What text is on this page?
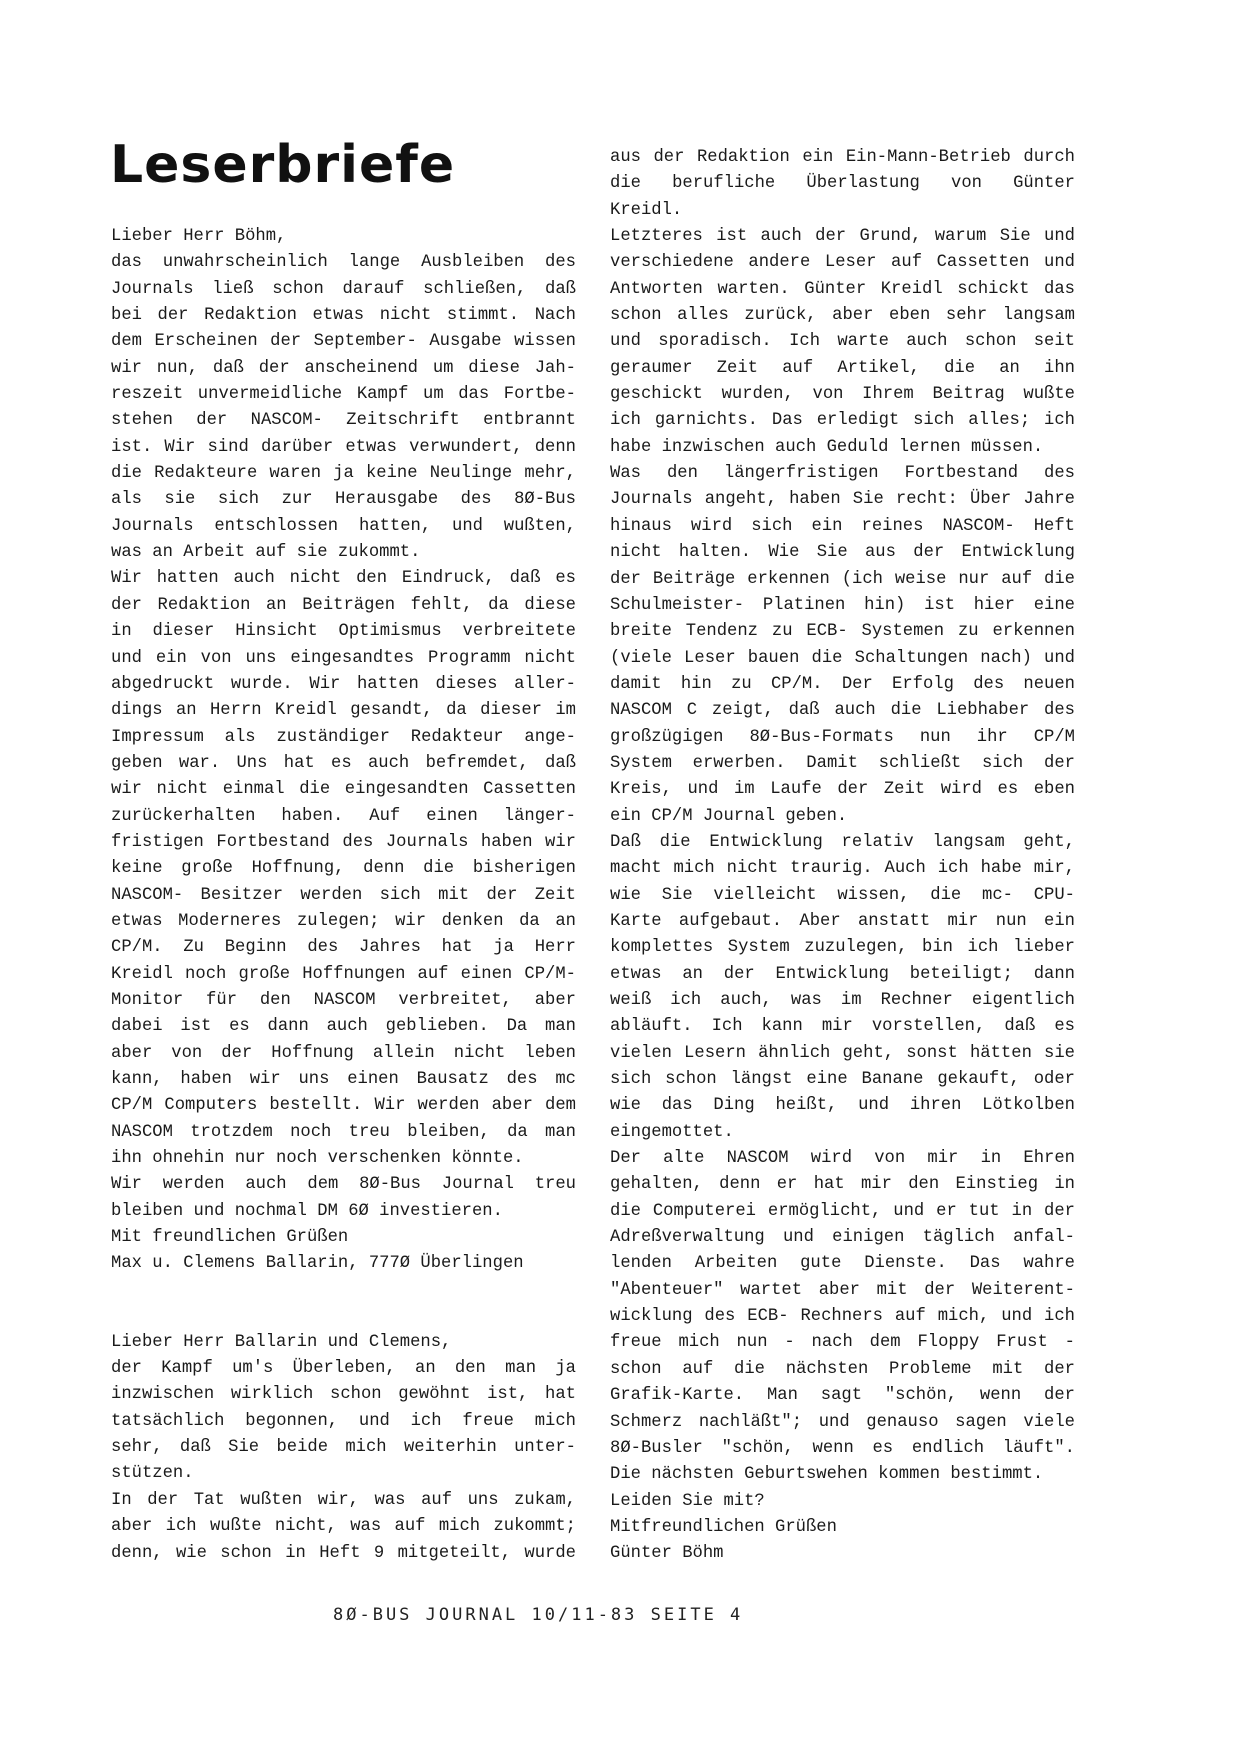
Leserbriefe
Lieber Herr Böhm,
das unwahrscheinlich lange Ausbleiben des
Journals ließ schon darauf schließen, daß
bei der Redaktion etwas nicht stimmt. Nach
dem Erscheinen der September- Ausgabe wissen
wir nun, daß der anscheinend um diese Jah-
reszeit unvermeidliche Kampf um das Fortbe-
stehen der NASCOM- Zeitschrift entbrannt
ist. Wir sind darüber etwas verwundert, denn
die Redakteure waren ja keine Neulinge mehr,
als sie sich zur Herausgabe des 8Ø-Bus
Journals entschlossen hatten, und wußten,
was an Arbeit auf sie zukommt.
Wir hatten auch nicht den Eindruck, daß es
der Redaktion an Beiträgen fehlt, da diese
in dieser Hinsicht Optimismus verbreitete
und ein von uns eingesandtes Programm nicht
abgedruckt wurde. Wir hatten dieses aller-
dings an Herrn Kreidl gesandt, da dieser im
Impressum als zuständiger Redakteur ange-
geben war. Uns hat es auch befremdet, daß
wir nicht einmal die eingesandten Cassetten
zurückerhalten haben. Auf einen länger-
fristigen Fortbestand des Journals haben wir
keine große Hoffnung, denn die bisherigen
NASCOM- Besitzer werden sich mit der Zeit
etwas Moderneres zulegen; wir denken da an
CP/M. Zu Beginn des Jahres hat ja Herr
Kreidl noch große Hoffnungen auf einen CP/M-
Monitor für den NASCOM verbreitet, aber
dabei ist es dann auch geblieben. Da man
aber von der Hoffnung allein nicht leben
kann, haben wir uns einen Bausatz des mc
CP/M Computers bestellt. Wir werden aber dem
NASCOM trotzdem noch treu bleiben, da man
ihn ohnehin nur noch verschenken könnte.
Wir werden auch dem 8Ø-Bus Journal treu
bleiben und nochmal DM 6Ø investieren.
Mit freundlichen Grüßen
Max u. Clemens Ballarin, 777Ø Überlingen
Lieber Herr Ballarin und Clemens,
der Kampf um's Überleben, an den man ja
inzwischen wirklich schon gewöhnt ist, hat
tatsächlich begonnen, und ich freue mich
sehr, daß Sie beide mich weiterhin unter-
stützen.
In der Tat wußten wir, was auf uns zukam,
aber ich wußte nicht, was auf mich zukommt;
denn, wie schon in Heft 9 mitgeteilt, wurde
aus der Redaktion ein Ein-Mann-Betrieb durch
die berufliche Überlastung von Günter
Kreidl.
Letzteres ist auch der Grund, warum Sie und
verschiedene andere Leser auf Cassetten und
Antworten warten. Günter Kreidl schickt das
schon alles zurück, aber eben sehr langsam
und sporadisch. Ich warte auch schon seit
geraumer Zeit auf Artikel, die an ihn
geschickt wurden, von Ihrem Beitrag wußte
ich garnichts. Das erledigt sich alles; ich
habe inzwischen auch Geduld lernen müssen.
Was den längerfristigen Fortbestand des
Journals angeht, haben Sie recht: Über Jahre
hinaus wird sich ein reines NASCOM- Heft
nicht halten. Wie Sie aus der Entwicklung
der Beiträge erkennen (ich weise nur auf die
Schulmeister- Platinen hin) ist hier eine
breite Tendenz zu ECB- Systemen zu erkennen
(viele Leser bauen die Schaltungen nach) und
damit hin zu CP/M. Der Erfolg des neuen
NASCOM C zeigt, daß auch die Liebhaber des
großzügigen 8Ø-Bus-Formats nun ihr CP/M
System erwerben. Damit schließt sich der
Kreis, und im Laufe der Zeit wird es eben
ein CP/M Journal geben.
Daß die Entwicklung relativ langsam geht,
macht mich nicht traurig. Auch ich habe mir,
wie Sie vielleicht wissen, die mc- CPU-
Karte aufgebaut. Aber anstatt mir nun ein
komplettes System zuzulegen, bin ich lieber
etwas an der Entwicklung beteiligt; dann
weiß ich auch, was im Rechner eigentlich
abläuft. Ich kann mir vorstellen, daß es
vielen Lesern ähnlich geht, sonst hätten sie
sich schon längst eine Banane gekauft, oder
wie das Ding heißt, und ihren Lötkolben
eingemottet.
Der alte NASCOM wird von mir in Ehren
gehalten, denn er hat mir den Einstieg in
die Computerei ermöglicht, und er tut in der
Adreßverwaltung und einigen täglich anfal-
lenden Arbeiten gute Dienste. Das wahre
"Abenteuer" wartet aber mit der Weiterent-
wicklung des ECB- Rechners auf mich, und ich
freue mich nun - nach dem Floppy Frust -
schon auf die nächsten Probleme mit der
Grafik-Karte. Man sagt "schön, wenn der
Schmerz nachläßt"; und genauso sagen viele
8Ø-Busler "schön, wenn es endlich läuft".
Die nächsten Geburtswehen kommen bestimmt.
Leiden Sie mit?
Mitfreundlichen Grüßen
Günter Böhm
8Ø-BUS JOURNAL 10/11-83 SEITE 4
